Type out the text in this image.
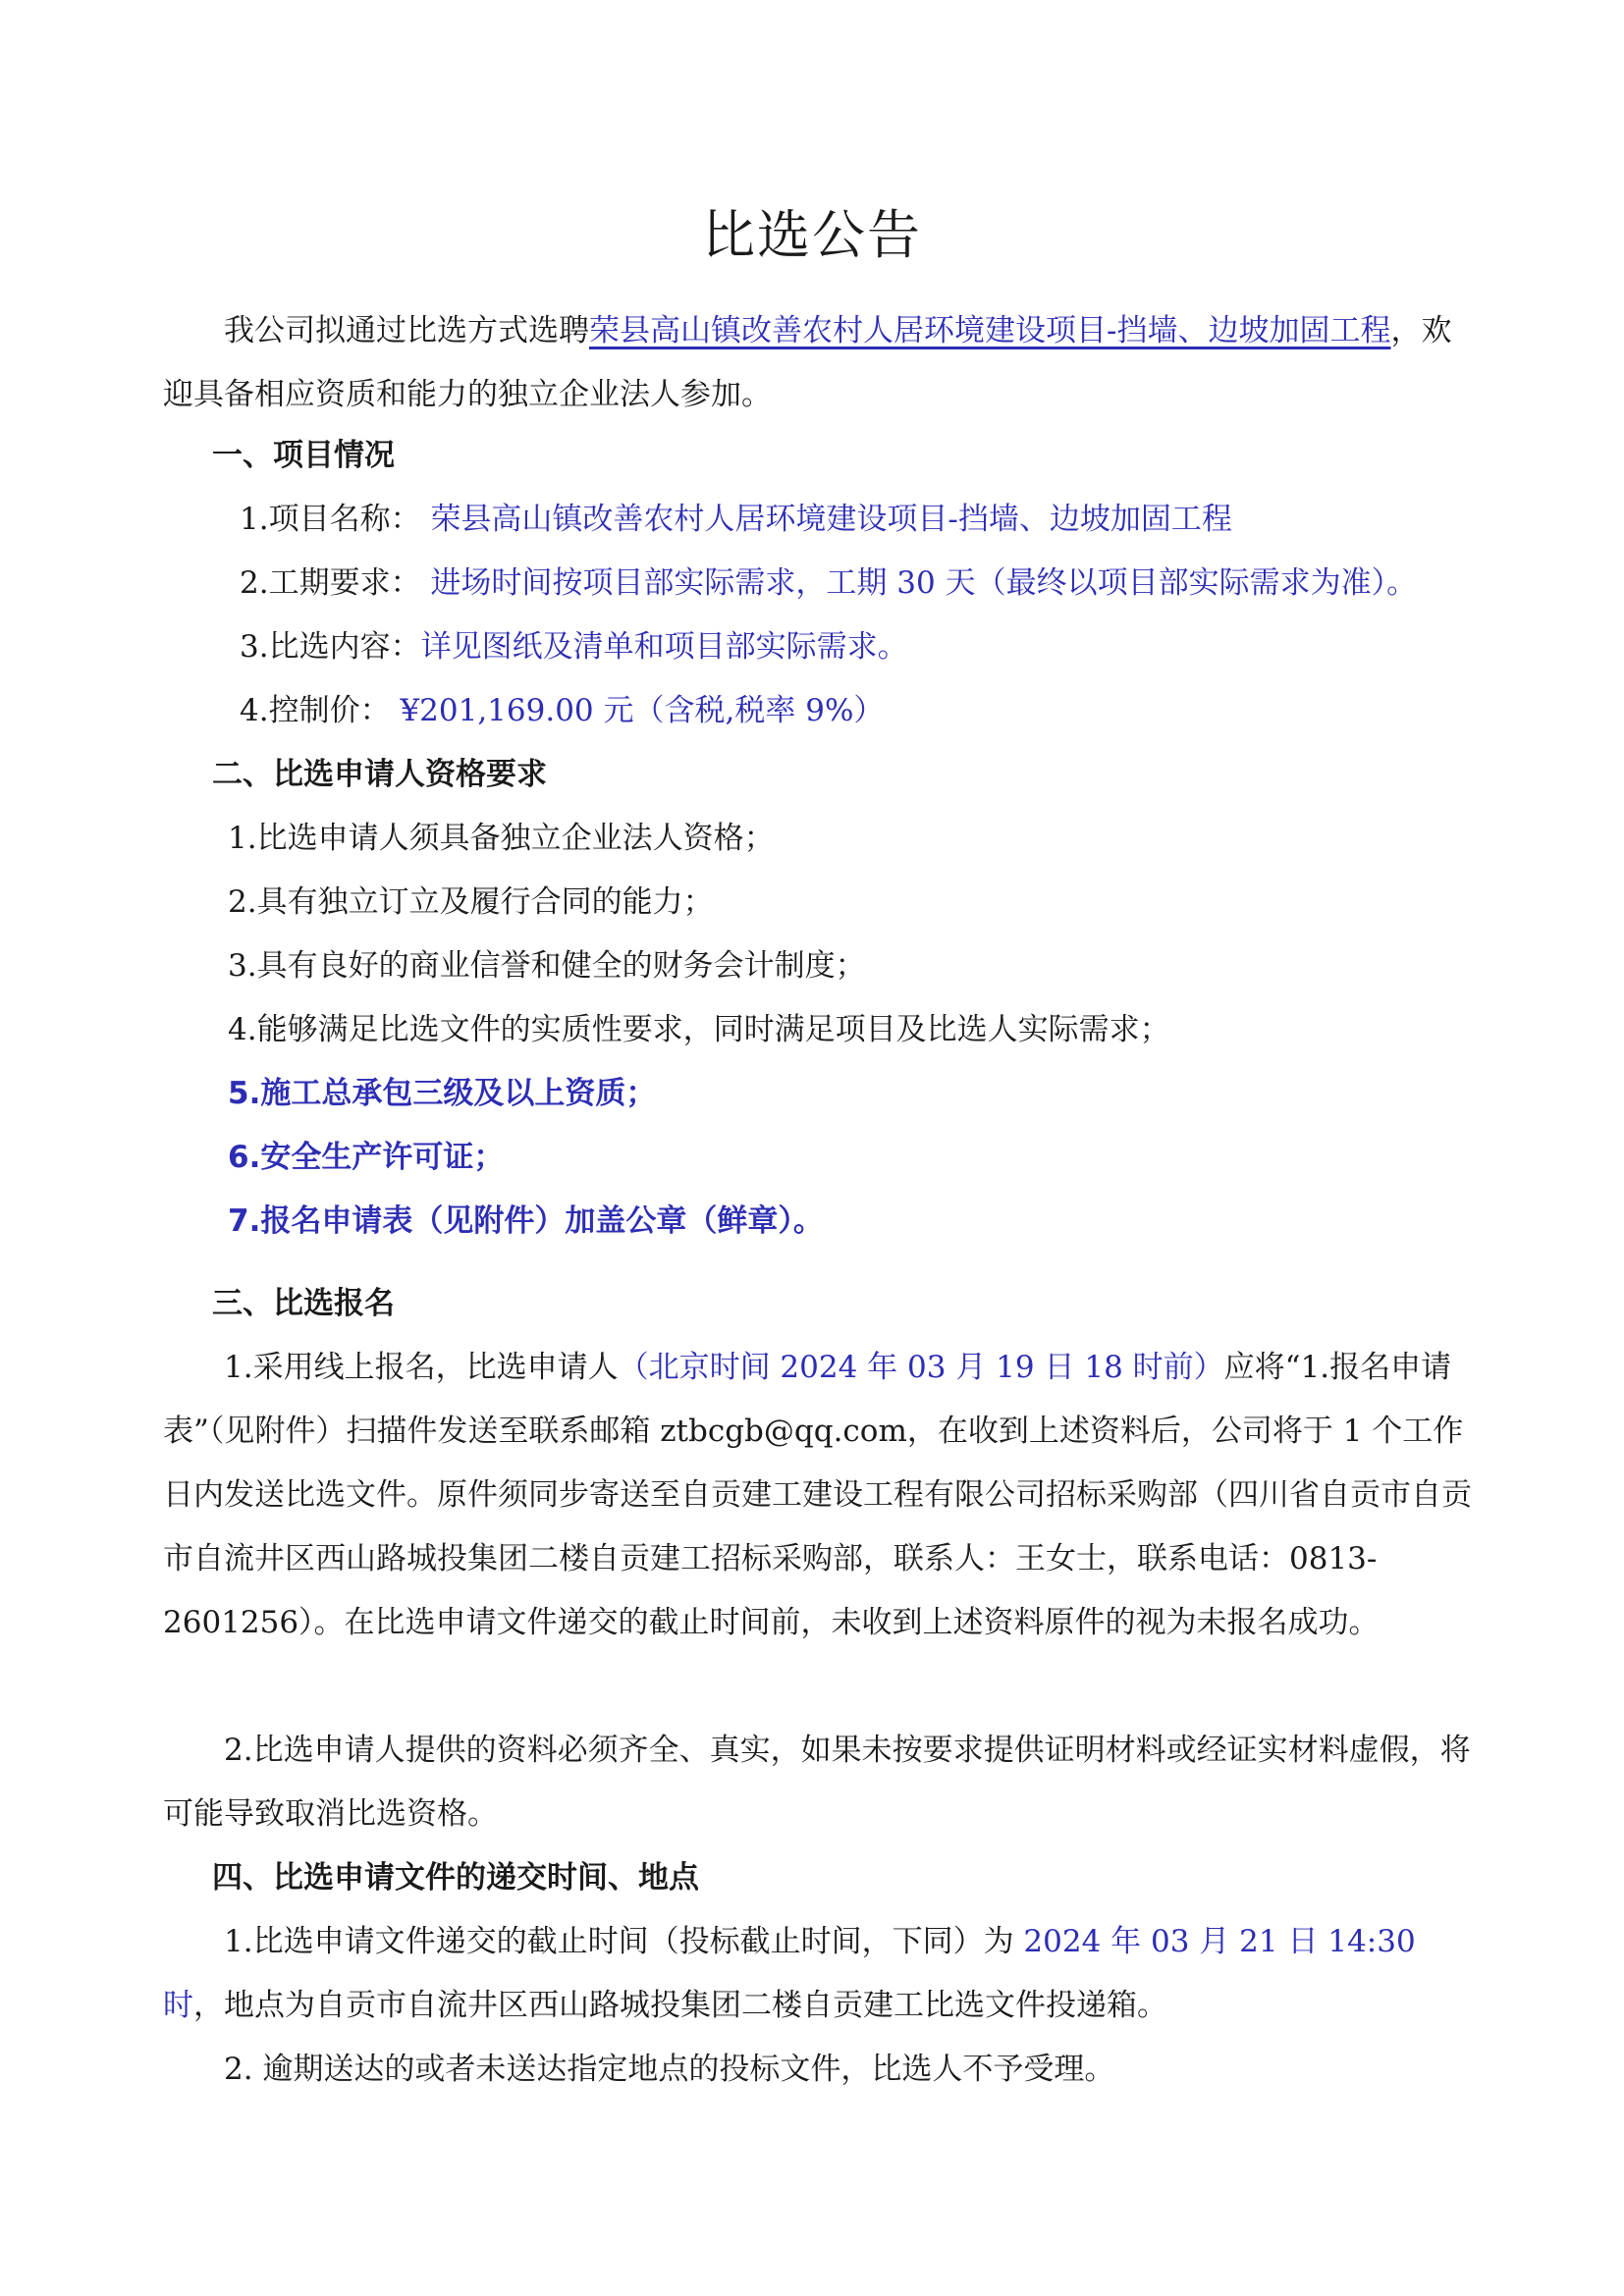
比选公告
我公司拟通过比选方式选聘荣县高山镇改善农村人居环境建设项目-挡墙、边坡加固工程，欢迎具备相应资质和能力的独立企业法人参加。
一、项目情况
1.项目名称： 荣县高山镇改善农村人居环境建设项目-挡墙、边坡加固工程
2.工期要求： 进场时间按项目部实际需求，工期 30 天（最终以项目部实际需求为准）。
3.比选内容：详见图纸及清单和项目部实际需求。
4.控制价： ¥201,169.00 元（含税,税率 9%）
二、比选申请人资格要求
1.比选申请人须具备独立企业法人资格；
2.具有独立订立及履行合同的能力；
3.具有良好的商业信誉和健全的财务会计制度；
4.能够满足比选文件的实质性要求，同时满足项目及比选人实际需求；
5.施工总承包三级及以上资质；
6.安全生产许可证；
7.报名申请表（见附件）加盖公章（鲜章）。
三、比选报名
1.采用线上报名，比选申请人（北京时间 2024 年 03 月 19 日 18 时前）应将“1.报名申请表”（见附件）扫描件发送至联系邮箱 ztbcgb@qq.com，在收到上述资料后，公司将于 1 个工作日内发送比选文件。原件须同步寄送至自贡建工建设工程有限公司招标采购部（四川省自贡市自贡市自流井区西山路城投集团二楼自贡建工招标采购部，联系人：王女士，联系电话：0813-2601256）。在比选申请文件递交的截止时间前，未收到上述资料原件的视为未报名成功。
2.比选申请人提供的资料必须齐全、真实，如果未按要求提供证明材料或经证实材料虚假，将可能导致取消比选资格。
四、比选申请文件的递交时间、地点
1.比选申请文件递交的截止时间（投标截止时间，下同）为 2024 年 03 月 21 日 14:30 时，地点为自贡市自流井区西山路城投集团二楼自贡建工比选文件投递箱。
2. 逾期送达的或者未送达指定地点的投标文件，比选人不予受理。
